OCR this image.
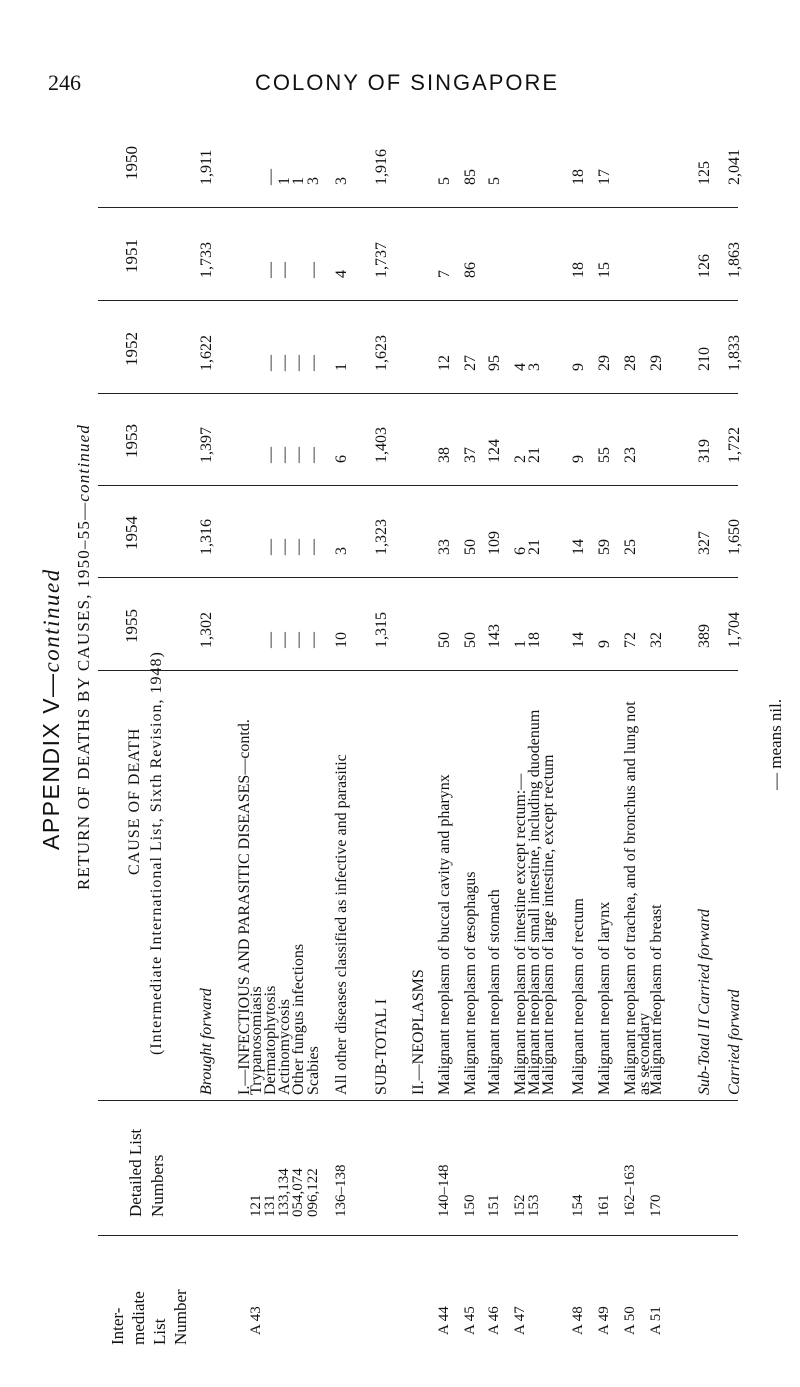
246	COLONY OF SINGAPORE
APPENDIX V—continued RETURN OF DEATHS BY CAUSES, 1950–55—continued
— means nil.
1955
1954
1953
1952
1951
1950
CAUSE OF DEATH (Intermediate International List, Sixth Revision, 1948)
Detailed List Numbers
Inter- mediate List Number
Brought forward
1,302
1,316
1,397
1,622
1,733
1,911
I.—INFECTIOUS AND PARASITIC DISEASES—contd.
Trypanosomiasis
121
A 43
Dermatophytosis
131
—
—
—
—
—
—
Actinomycosis
133,134
—
—
—
—
—
1
Other fungus infections
054,074
—
—
—
—
1
Scabies
096,122
—
—
—
—
—
3
All other diseases classified as infective and parasitic
136–138
10
3
6
1
4
3
SUB-TOTAL I
1,315
1,323
1,403
1,623
1,737
1,916
II.—NEOPLASMS Malignant neoplasm of buccal cavity and pharynx
140–148
A 44
50
33
38
12
7
5
Malignant neoplasm of œsophagus
150
A 45
50
50
37
27
86
85
Malignant neoplasm of stomach
151
A 46
143
109
124
95
5
Malignant neoplasm of intestine except rectum:—
152
A 47
1
6
2
4
Malignant neoplasm of small intestine, including duodenum
153
18
21
21
3
Malignant neoplasm of large intestine, except rectum Malignant neoplasm of rectum
154
A 48
14
14
9
9
18
18
Malignant neoplasm of larynx
161
A 49
9
59
55
29
15
17
Malignant neoplasm of trachea, and of bronchus and lung not
as secondary
162–163
A 50
72
25
23
28
Malignant neoplasm of breast
170
A 51
32
29
Sub-Total II Carried forward
389
327
319
210
126
125
Carried forward
1,704
1,650
1,722
1,833
1,863
2,041
